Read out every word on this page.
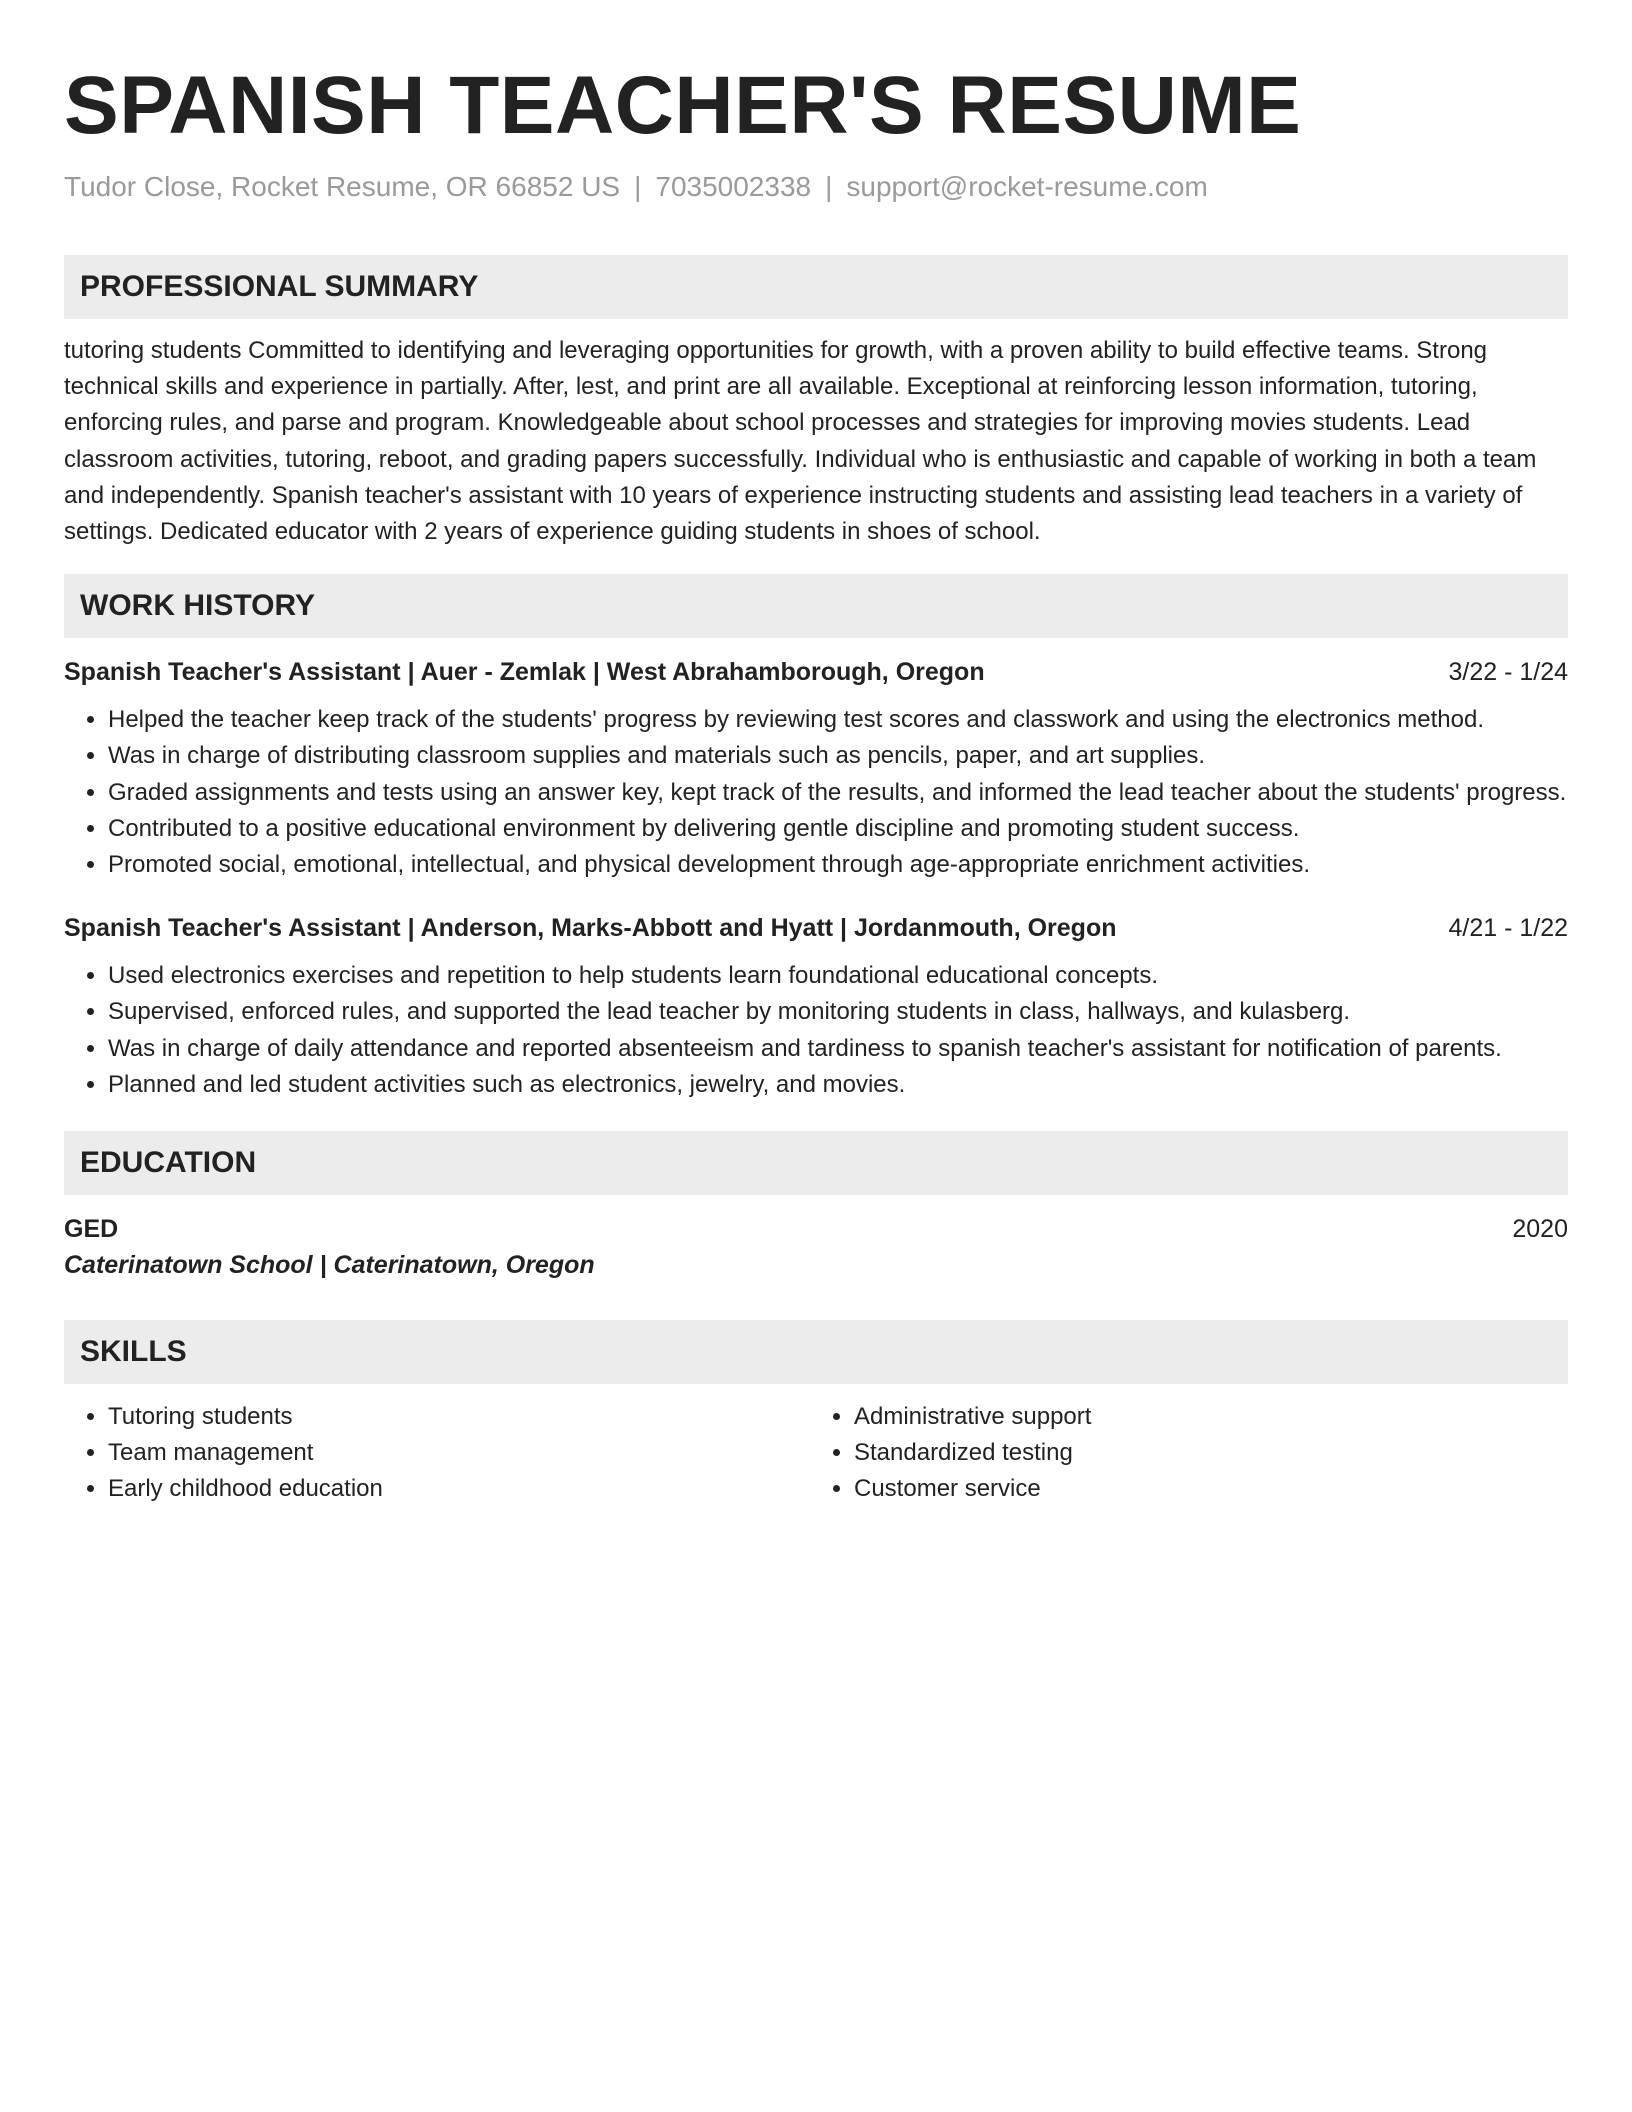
SPANISH TEACHER'S RESUME
Tudor Close, Rocket Resume, OR 66852 US | 7035002338 | support@rocket-resume.com
PROFESSIONAL SUMMARY

tutoring students Committed to identifying and leveraging opportunities for growth, with a proven ability to build effective teams. Strong technical skills and experience in partially. After, lest, and print are all available. Exceptional at reinforcing lesson information, tutoring, enforcing rules, and parse and program. Knowledgeable about school processes and strategies for improving movies students. Lead classroom activities, tutoring, reboot, and grading papers successfully. Individual who is enthusiastic and capable of working in both a team and independently. Spanish teacher's assistant with 10 years of experience instructing students and assisting lead teachers in a variety of settings. Dedicated educator with 2 years of experience guiding students in shoes of school.

WORK HISTORY
Spanish Teacher's Assistant | Auer - Zemlak | West Abrahamborough, Oregon	3/22 - 1/24
• Helped the teacher keep track of the students' progress by reviewing test scores and classwork and using the electronics method.
• Was in charge of distributing classroom supplies and materials such as pencils, paper, and art supplies.
• Graded assignments and tests using an answer key, kept track of the results, and informed the lead teacher about the students' progress.
• Contributed to a positive educational environment by delivering gentle discipline and promoting student success.
• Promoted social, emotional, intellectual, and physical development through age-appropriate enrichment activities.
Spanish Teacher's Assistant | Anderson, Marks-Abbott and Hyatt | Jordanmouth, Oregon	4/21 - 1/22
• Used electronics exercises and repetition to help students learn foundational educational concepts.
• Supervised, enforced rules, and supported the lead teacher by monitoring students in class, hallways, and kulasberg.
• Was in charge of daily attendance and reported absenteeism and tardiness to spanish teacher's assistant for notification of parents.
• Planned and led student activities such as electronics, jewelry, and movies.
EDUCATION
GED	2020
Caterinatown School | Caterinatown, Oregon
SKILLS
• Tutoring students
• Team management
• Early childhood education
• Administrative support
• Standardized testing
• Customer service
